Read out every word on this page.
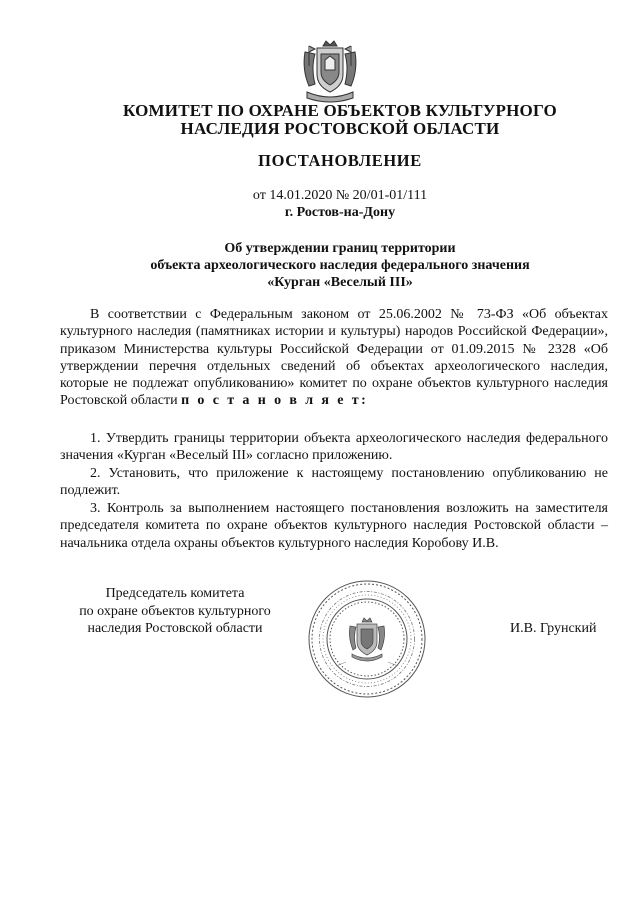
КОМИТЕТ ПО ОХРАНЕ ОБЪЕКТОВ КУЛЬТУРНОГО
НАСЛЕДИЯ РОСТОВСКОЙ ОБЛАСТИ
ПОСТАНОВЛЕНИЕ
от 14.01.2020 № 20/01-01/111
г. Ростов-на-Дону
Об утверждении границ территории
объекта археологического наследия федерального значения
«Курган «Веселый III»

В соответствии с Федеральным законом от 25.06.2002 № 73-ФЗ «Об объектах культурного наследия (памятниках истории и культуры) народов Российской Федерации», приказом Министерства культуры Российской Федерации от 01.09.2015 № 2328 «Об утверждении перечня отдельных сведений об объектах археологического наследия, которые не подлежат опубликованию» комитет по охране объектов культурного наследия Ростовской области п о с т а н о в л я е т:

1. Утвердить границы территории объекта археологического наследия федерального значения «Курган «Веселый III» согласно приложению.

2. Установить, что приложение к настоящему постановлению опубликованию не подлежит.

3. Контроль за выполнением настоящего постановления возложить на заместителя председателя комитета по охране объектов культурного наследия Ростовской области – начальника отдела охраны объектов культурного наследия Коробову И.В.

Председатель комитета
по охране объектов культурного
наследия Ростовской области	И.В. Грунский
